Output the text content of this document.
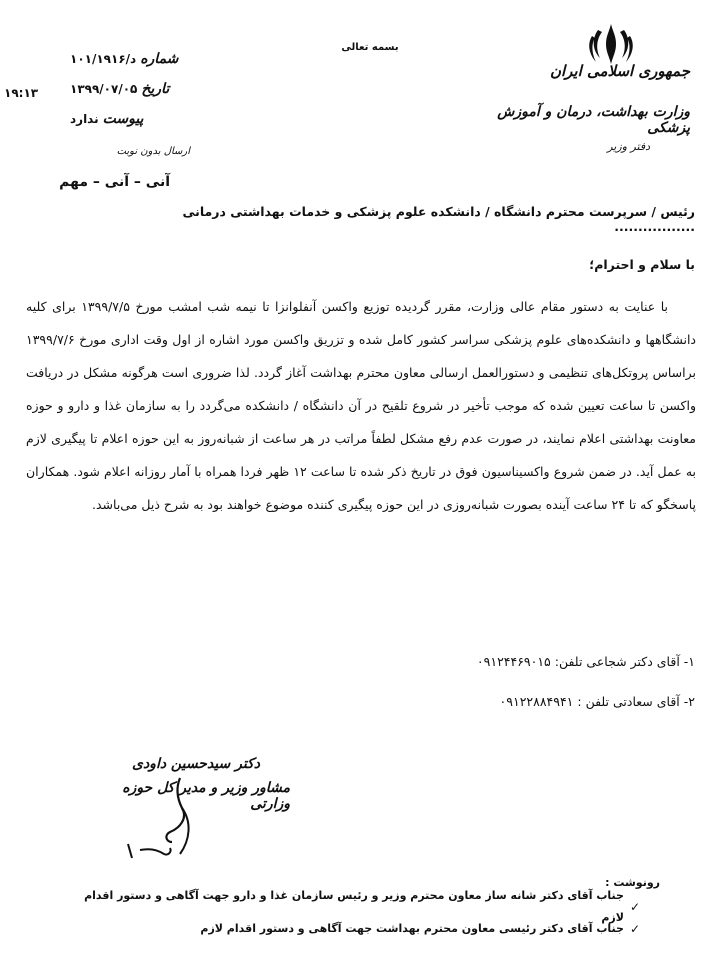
بسمه تعالی
جمهوری اسلامی ایران
وزارت بهداشت، درمان و آموزش پزشکی
دفتر وزیر
شماره
د/۱۰۱/۱۹۱۶
تاریخ
۱۳۹۹/۰۷/۰۵
پیوست
ندارد
۱۹:۱۳
ارسال بدون نوبت
آنی – آنی – مهم
رئیس / سرپرست محترم دانشگاه / دانشکده علوم پزشکی و خدمات بهداشتی درمانی .................
با سلام و احترام؛

با عنایت به دستور مقام عالی وزارت، مقرر گردیده توزیع واکسن آنفلوانزا تا نیمه شب امشب مورخ ۱۳۹۹/۷/۵ برای کلیه دانشگاهها و دانشکده‌های علوم پزشکی سراسر کشور کامل شده و تزریق واکسن مورد اشاره از اول وقت اداری مورخ ۱۳۹۹/۷/۶ براساس پروتکل‌های تنظیمی و دستورالعمل ارسالی معاون محترم بهداشت آغاز گردد. لذا ضروری است هرگونه مشکل در دریافت واکسن تا ساعت تعیین شده که موجب تأخیر در شروع تلقیح در آن دانشگاه / دانشکده می‌گردد را به سازمان غذا و دارو و حوزه معاونت بهداشتی اعلام نمایند، در صورت عدم رفع مشکل لطفاً مراتب در هر ساعت از شبانه‌روز به این حوزه اعلام تا پیگیری لازم به عمل آید. در ضمن شروع واکسیناسیون فوق در تاریخ ذکر شده تا ساعت ۱۲ ظهر فردا همراه با آمار روزانه اعلام شود. همکاران پاسخگو که تا ۲۴ ساعت آینده بصورت شبانه‌روزی در این حوزه پیگیری کننده موضوع خواهند بود به شرح ذیل می‌باشد.

۱- آقای دکتر شجاعی تلفن: ۰۹۱۲۴۴۶۹۰۱۵
۲- آقای سعادتی تلفن : ۰۹۱۲۲۸۸۴۹۴۱
دکتر سیدحسین داودی
مشاور وزیر و مدیر کل حوزه وزارتی
رونوشت :
✓
جناب آقای دکتر شانه ساز معاون محترم وزیر و رئیس سازمان غذا و دارو جهت آگاهی و دستور اقدام لازم
✓
جناب آقای دکتر رئیسی معاون محترم بهداشت جهت آگاهی و دستور اقدام لازم
